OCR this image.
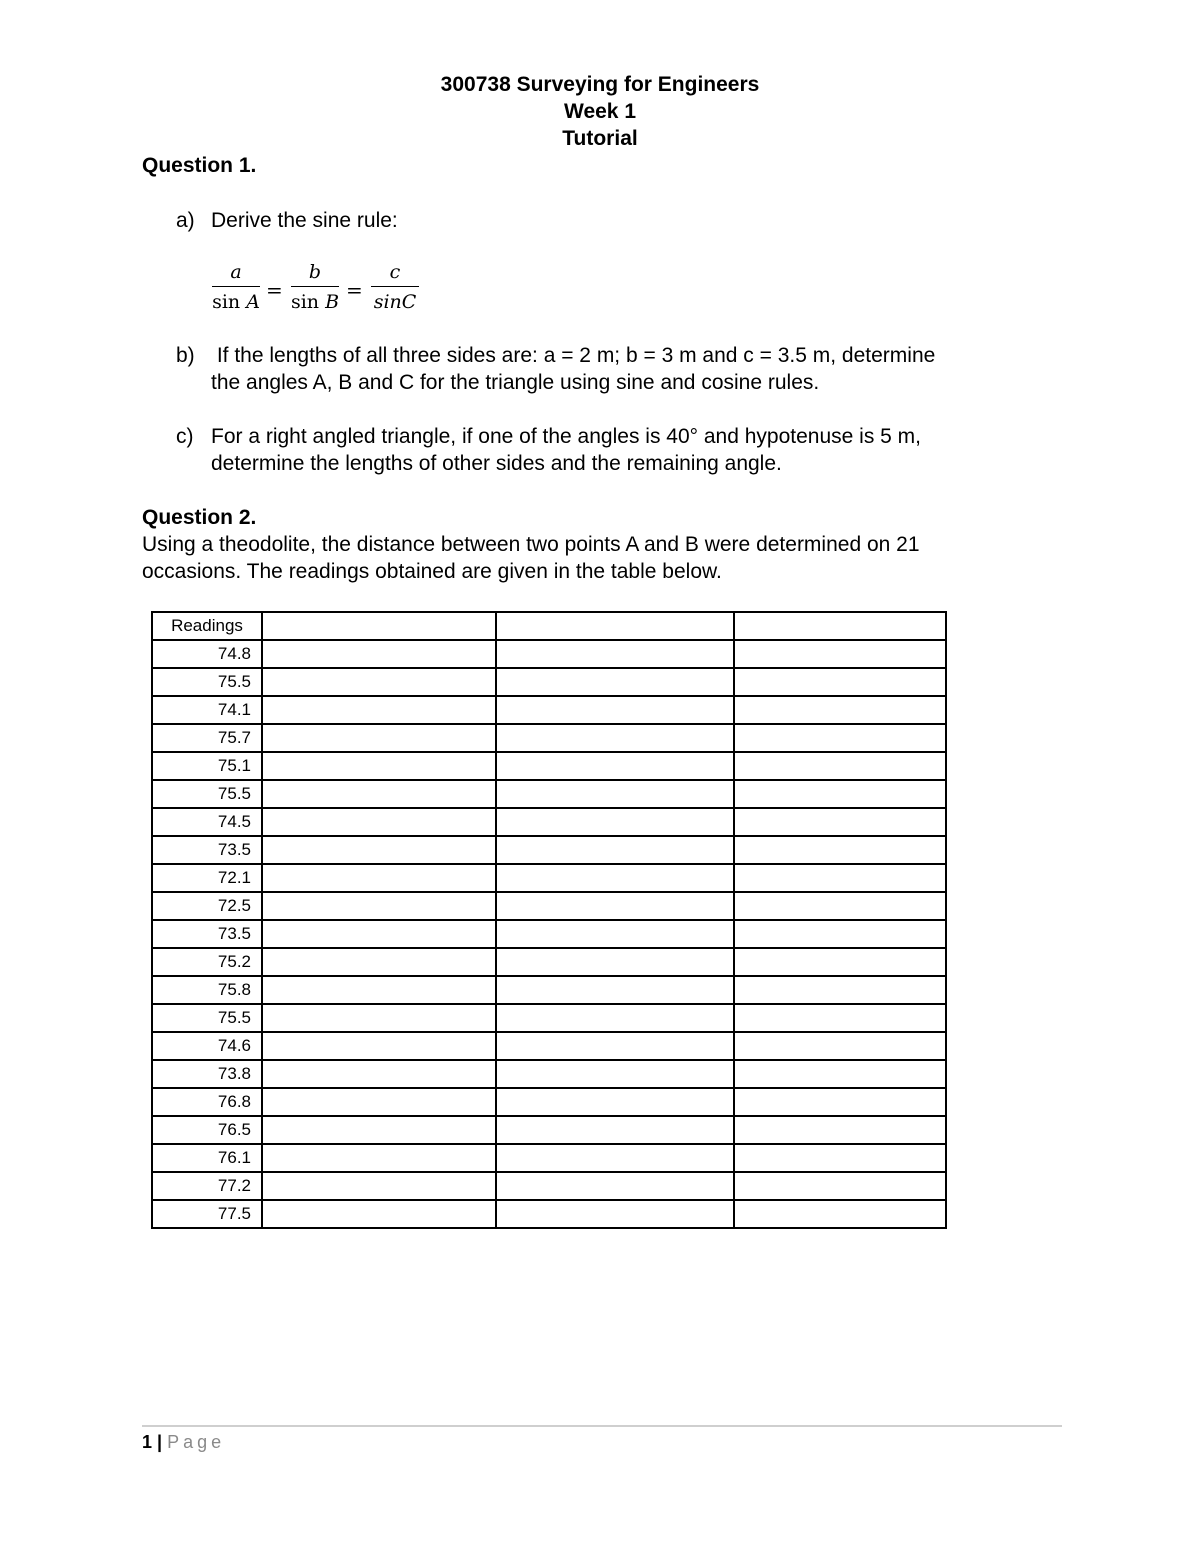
300738 Surveying for Engineers
Week 1
Tutorial
Question 1.
a) Derive the sine rule:
a
sin A =
b
sin B =
c
sinC
b) If the lengths of all three sides are: a = 2 m; b = 3 m and c = 3.5 m, determine
the angles A, B and C for the triangle using sine and cosine rules.
c) For a right angled triangle, if one of the angles is 40° and hypotenuse is 5 m,
determine the lengths of other sides and the remaining angle.
Question 2.
Using a theodolite, the distance between two points A and B were determined on 21
occasions. The readings obtained are given in the table below.
Readings			
74.8			
75.5			
74.1			
75.7			
75.1			
75.5			
74.5			
73.5			
72.1			
72.5			
73.5			
75.2			
75.8			
75.5			
74.6			
73.8			
76.8			
76.5			
76.1			
77.2			
77.5			
1 | Page
